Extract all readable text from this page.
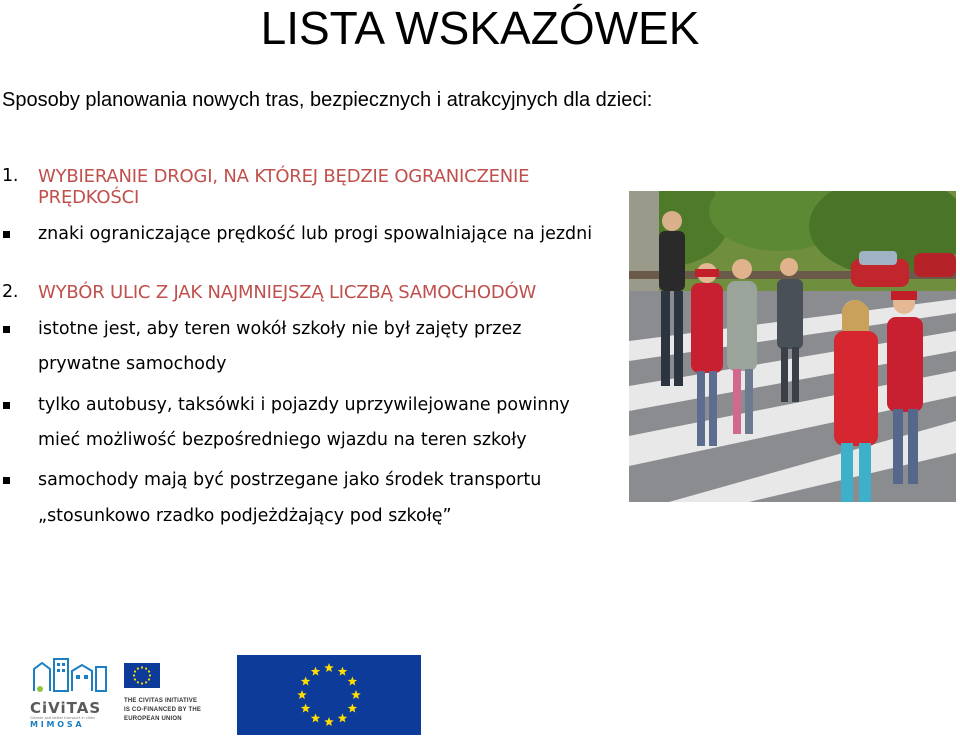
LISTA WSKAZÓWEK
Sposoby planowania nowych tras, bezpiecznych i atrakcyjnych dla dzieci:
1. WYBIERANIE DROGI, NA KTÓREJ BĘDZIE OGRANICZENIE
PRĘDKOŚCI
znaki ograniczające prędkość lub progi spowalniające na jezdni
2. WYBÓR ULIC Z JAK NAJMNIEJSZĄ LICZBĄ SAMOCHODÓW
istotne jest, aby teren wokół szkoły nie był zajęty przez
prywatne samochody
tylko autobusy, taksówki i pojazdy uprzywilejowane powinny
mieć możliwość bezpośredniego wjazdu na teren szkoły
samochody mają być postrzegane jako środek transportu
„stosunkowo rzadko podjeżdżający pod szkołę”
CiViTAS
Cleaner and better transport in cities
M I M O S A
THE CIVITAS INITIATIVE
IS CO-FINANCED BY THE
EUROPEAN UNION
